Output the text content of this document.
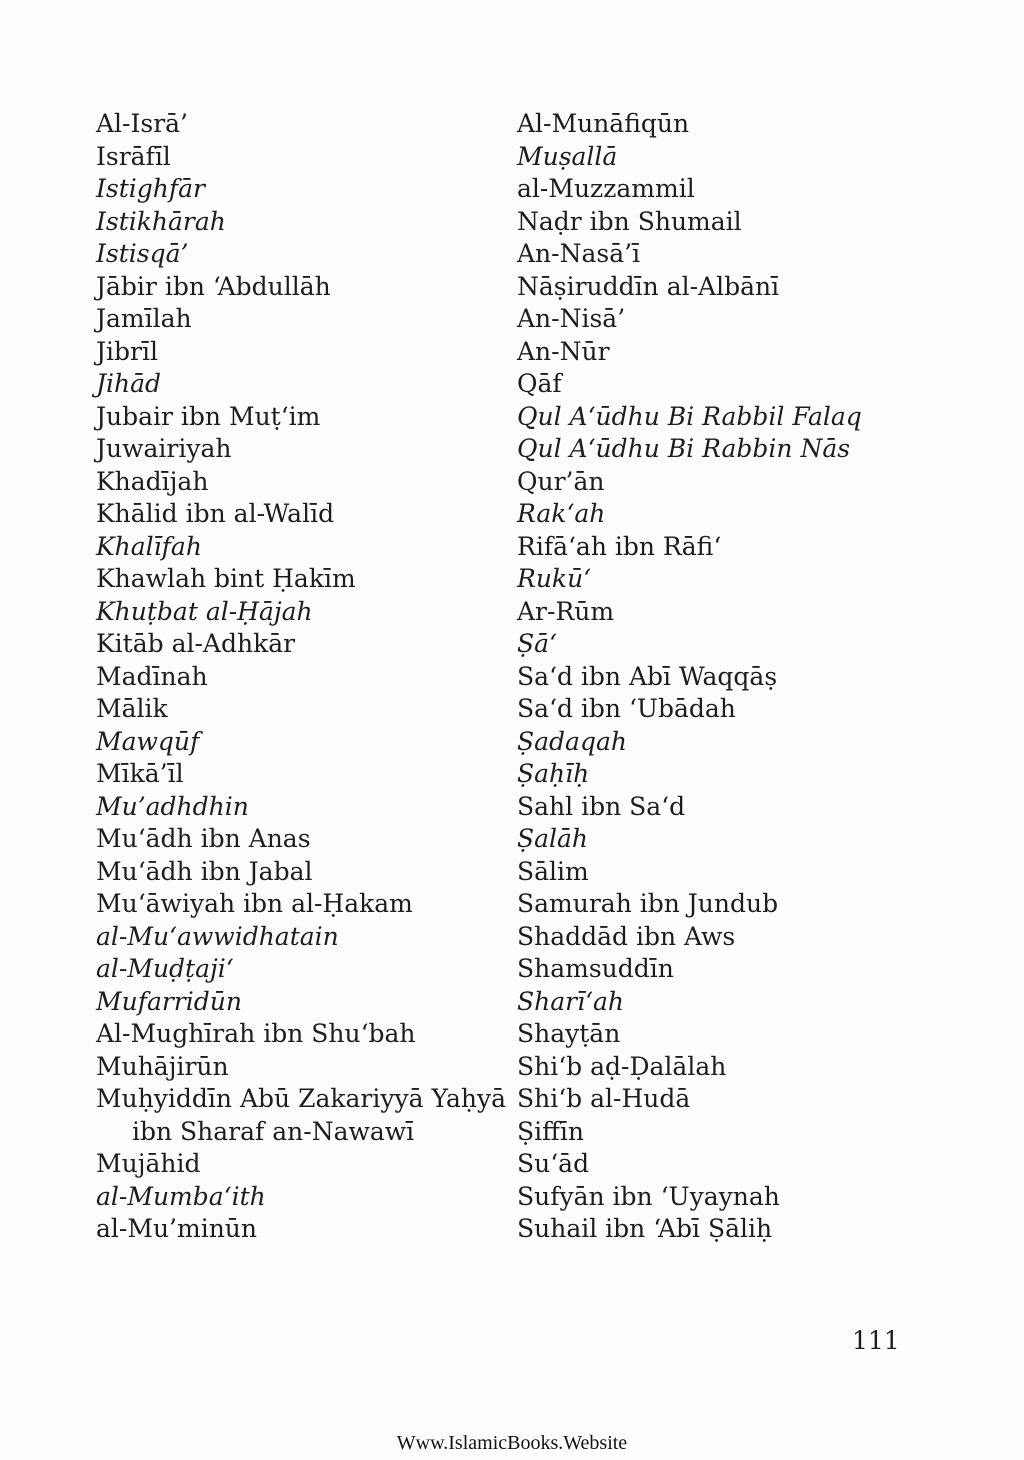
Al-Isrā’
Isrāfīl
Istighfār
Istikhārah
Istisqā’
Jābir ibn ‘Abdullāh
Jamīlah
Jibrīl
Jihād
Jubair ibn Muṭ‘im
Juwairiyah
Khadījah
Khālid ibn al-Walīd
Khalīfah
Khawlah bint Ḥakīm
Khuṭbat al-Ḥājah
Kitāb al-Adhkār
Madīnah
Mālik
Mawqūf
Mīkā’īl
Mu’adhdhin
Mu‘ādh ibn Anas
Mu‘ādh ibn Jabal
Mu‘āwiyah ibn al-Ḥakam
al-Mu‘awwidhatain
al-Muḍṭaji‘
Mufarridūn
Al-Mughīrah ibn Shu‘bah
Muhājirūn
Muḥyiddīn Abū Zakariyyā Yaḥyā
ibn Sharaf an-Nawawī
Mujāhid
al-Mumba‘ith
al-Mu’minūn
Al-Munāfiqūn
Muṣallā
al-Muzzammil
Naḍr ibn Shumail
An-Nasā’ī
Nāṣiruddīn al-Albānī
An-Nisā’
An-Nūr
Qāf
Qul A‘ūdhu Bi Rabbil Falaq
Qul A‘ūdhu Bi Rabbin Nās
Qur’ān
Rak‘ah
Rifā‘ah ibn Rāfi‘
Rukū‘
Ar-Rūm
Ṣā‘
Sa‘d ibn Abī Waqqāṣ
Sa‘d ibn ‘Ubādah
Ṣadaqah
Ṣaḥīḥ
Sahl ibn Sa‘d
Ṣalāh
Sālim
Samurah ibn Jundub
Shaddād ibn Aws
Shamsuddīn
Sharī‘ah
Shayṭān
Shi‘b aḍ-Ḍalālah
Shi‘b al-Hudā
Ṣiffīn
Su‘ād
Sufyān ibn ‘Uyaynah
Suhail ibn ‘Abī Ṣāliḥ
111
Www.IslamicBooks.Website
